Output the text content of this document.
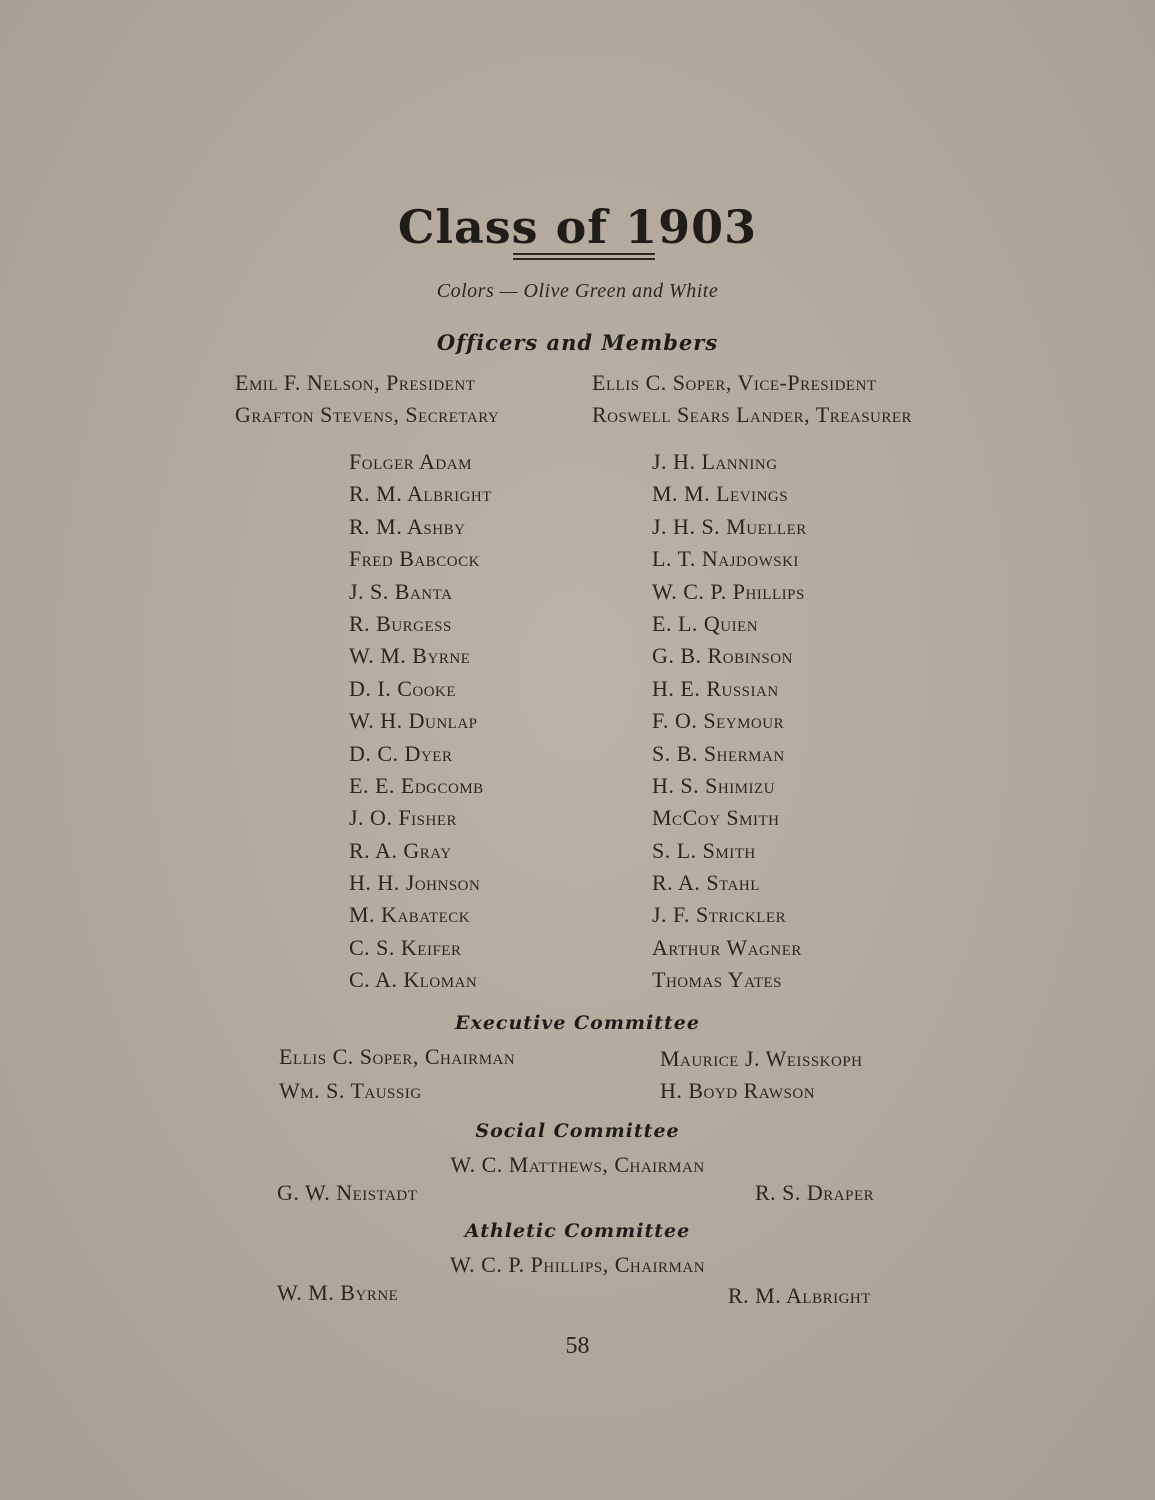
Class of 1903
Colors — Olive Green and White
Officers and Members
Emil F. Nelson, President	Ellis C. Soper, Vice-President
Grafton Stevens, Secretary	Roswell Sears Lander, Treasurer
Folger Adam
R. M. Albright
R. M. Ashby
Fred Babcock
J. S. Banta
R. Burgess
W. M. Byrne
D. I. Cooke
W. H. Dunlap
D. C. Dyer
E. E. Edgcomb
J. O. Fisher
R. A. Gray
H. H. Johnson
M. Kabateck
C. S. Keifer
C. A. Kloman
J. H. Lanning
M. M. Levings
J. H. S. Mueller
L. T. Najdowski
W. C. P. Phillips
E. L. Quien
G. B. Robinson
H. E. Russian
F. O. Seymour
S. B. Sherman
H. S. Shimizu
McCoy Smith
S. L. Smith
R. A. Stahl
J. F. Strickler
Arthur Wagner
Thomas Yates
Executive Committee
Ellis C. Soper, Chairman	Maurice J. Weisskoph
Wm. S. Taussig	H. Boyd Rawson
Social Committee
W. C. Matthews, Chairman
G. W. Neistadt	R. S. Draper
Athletic Committee
W. C. P. Phillips, Chairman
W. M. Byrne	R. M. Albright
58
